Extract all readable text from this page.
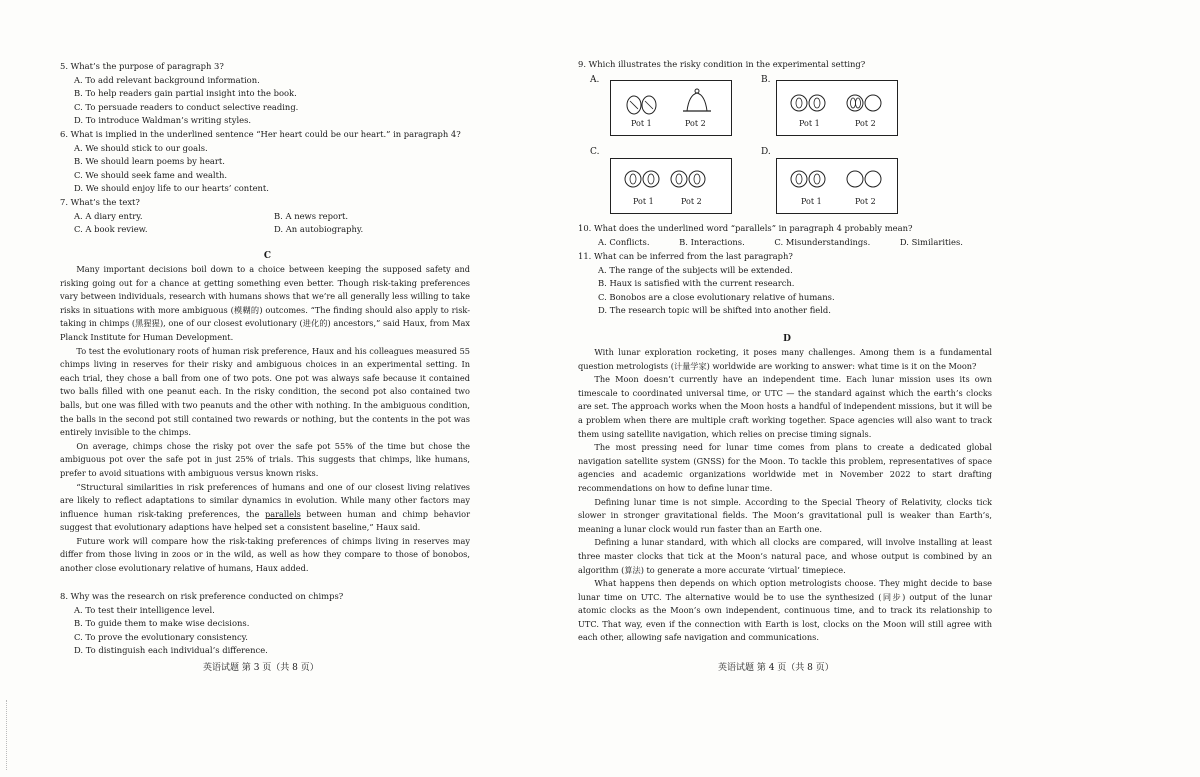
5. What’s the purpose of paragraph 3?
A. To add relevant background information.
B. To help readers gain partial insight into the book.
C. To persuade readers to conduct selective reading.
D. To introduce Waldman’s writing styles.
6. What is implied in the underlined sentence “Her heart could be our heart.” in paragraph 4?
A. We should stick to our goals.
B. We should learn poems by heart.
C. We should seek fame and wealth.
D. We should enjoy life to our hearts’ content.
7. What’s the text?
A. A diary entry.	B. A news report.
C. A book review.	D. An autobiography.
C

Many important decisions boil down to a choice between keeping the supposed safety and risking going out for a chance at getting something even better. Though risk-taking preferences vary between individuals, research with humans shows that we’re all generally less willing to take risks in situations with more ambiguous (模糊的) outcomes. “The finding should also apply to risk-taking in chimps (黑猩猩), one of our closest evolutionary (进化的) ancestors,” said Haux, from Max Planck Institute for Human Development.

To test the evolutionary roots of human risk preference, Haux and his colleagues measured 55 chimps living in reserves for their risky and ambiguous choices in an experimental setting. In each trial, they chose a ball from one of two pots. One pot was always safe because it contained two balls filled with one peanut each. In the risky condition, the second pot also contained two balls, but one was filled with two peanuts and the other with nothing. In the ambiguous condition, the balls in the second pot still contained two rewards or nothing, but the contents in the pot was entirely invisible to the chimps.

On average, chimps chose the risky pot over the safe pot 55% of the time but chose the ambiguous pot over the safe pot in just 25% of trials. This suggests that chimps, like humans, prefer to avoid situations with ambiguous versus known risks.

“Structural similarities in risk preferences of humans and one of our closest living relatives are likely to reflect adaptations to similar dynamics in evolution. While many other factors may influence human risk-taking preferences, the parallels between human and chimp behavior suggest that evolutionary adaptions have helped set a consistent baseline,” Haux said.

Future work will compare how the risk-taking preferences of chimps living in reserves may differ from those living in zoos or in the wild, as well as how they compare to those of bonobos, another close evolutionary relative of humans, Haux added.

8. Why was the research on risk preference conducted on chimps?
A. To test their intelligence level.
B. To guide them to make wise decisions.
C. To prove the evolutionary consistency.
D. To distinguish each individual’s difference.
英语试题 第 3 页（共 8 页）
9. Which illustrates the risky condition in the experimental setting?
A.
Pot 1	Pot 2
B.
Pot 1	Pot 2
C.
Pot 1	Pot 2
D.
Pot 1	Pot 2
10. What does the underlined word “parallels” in paragraph 4 probably mean?
A. Conflicts.	B. Interactions.	C. Misunderstandings.	D. Similarities.
11. What can be inferred from the last paragraph?
A. The range of the subjects will be extended.
B. Haux is satisfied with the current research.
C. Bonobos are a close evolutionary relative of humans.
D. The research topic will be shifted into another field.
D

With lunar exploration rocketing, it poses many challenges. Among them is a fundamental question metrologists (计量学家) worldwide are working to answer: what time is it on the Moon?

The Moon doesn’t currently have an independent time. Each lunar mission uses its own timescale to coordinated universal time, or UTC — the standard against which the earth’s clocks are set. The approach works when the Moon hosts a handful of independent missions, but it will be a problem when there are multiple craft working together. Space agencies will also want to track them using satellite navigation, which relies on precise timing signals.

The most pressing need for lunar time comes from plans to create a dedicated global navigation satellite system (GNSS) for the Moon. To tackle this problem, representatives of space agencies and academic organizations worldwide met in November 2022 to start drafting recommendations on how to define lunar time.

Defining lunar time is not simple. According to the Special Theory of Relativity, clocks tick slower in stronger gravitational fields. The Moon’s gravitational pull is weaker than Earth’s, meaning a lunar clock would run faster than an Earth one.

Defining a lunar standard, with which all clocks are compared, will involve installing at least three master clocks that tick at the Moon’s natural pace, and whose output is combined by an algorithm (算法) to generate a more accurate ‘virtual’ timepiece.

What happens then depends on which option metrologists choose. They might decide to base lunar time on UTC. The alternative would be to use the synthesized (同步) output of the lunar atomic clocks as the Moon’s own independent, continuous time, and to track its relationship to UTC. That way, even if the connection with Earth is lost, clocks on the Moon will still agree with each other, allowing safe navigation and communications.

英语试题 第 4 页（共 8 页）
